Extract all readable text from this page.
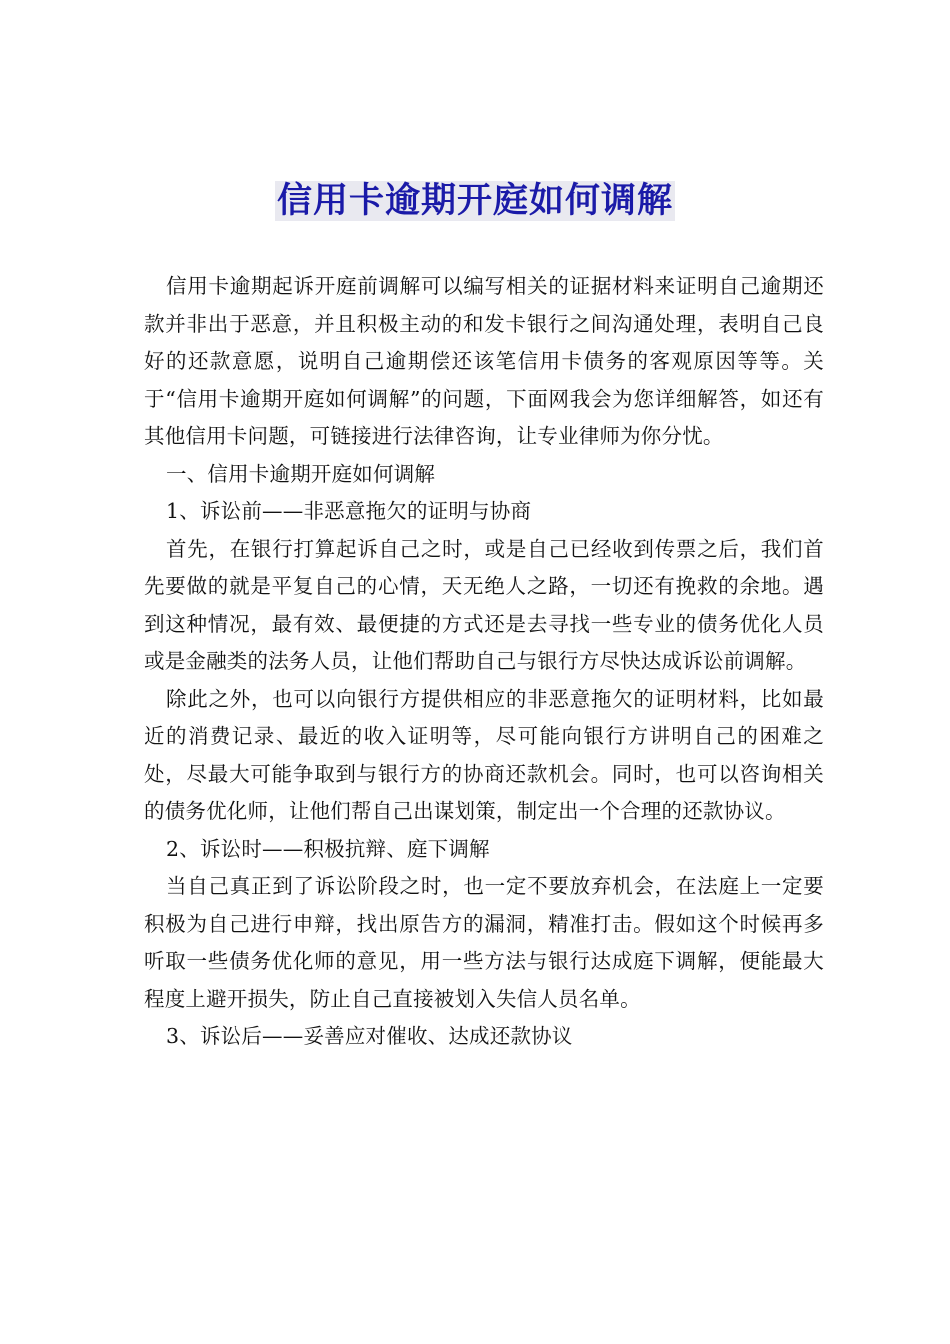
信用卡逾期开庭如何调解

信用卡逾期起诉开庭前调解可以编写相关的证据材料来证明自己逾期还款并非出于恶意，并且积极主动的和发卡银行之间沟通处理，表明自己良好的还款意愿，说明自己逾期偿还该笔信用卡债务的客观原因等等。关于“信用卡逾期开庭如何调解”的问题，下面网我会为您详细解答，如还有其他信用卡问题，可链接进行法律咨询，让专业律师为你分忧。

一、信用卡逾期开庭如何调解

1、诉讼前——非恶意拖欠的证明与协商

首先，在银行打算起诉自己之时，或是自己已经收到传票之后，我们首先要做的就是平复自己的心情，天无绝人之路，一切还有挽救的余地。遇到这种情况，最有效、最便捷的方式还是去寻找一些专业的债务优化人员或是金融类的法务人员，让他们帮助自己与银行方尽快达成诉讼前调解。

除此之外，也可以向银行方提供相应的非恶意拖欠的证明材料，比如最近的消费记录、最近的收入证明等，尽可能向银行方讲明自己的困难之处，尽最大可能争取到与银行方的协商还款机会。同时，也可以咨询相关的债务优化师，让他们帮自己出谋划策，制定出一个合理的还款协议。

2、诉讼时——积极抗辩、庭下调解

当自己真正到了诉讼阶段之时，也一定不要放弃机会，在法庭上一定要积极为自己进行申辩，找出原告方的漏洞，精准打击。假如这个时候再多听取一些债务优化师的意见，用一些方法与银行达成庭下调解，便能最大程度上避开损失，防止自己直接被划入失信人员名单。

3、诉讼后——妥善应对催收、达成还款协议
